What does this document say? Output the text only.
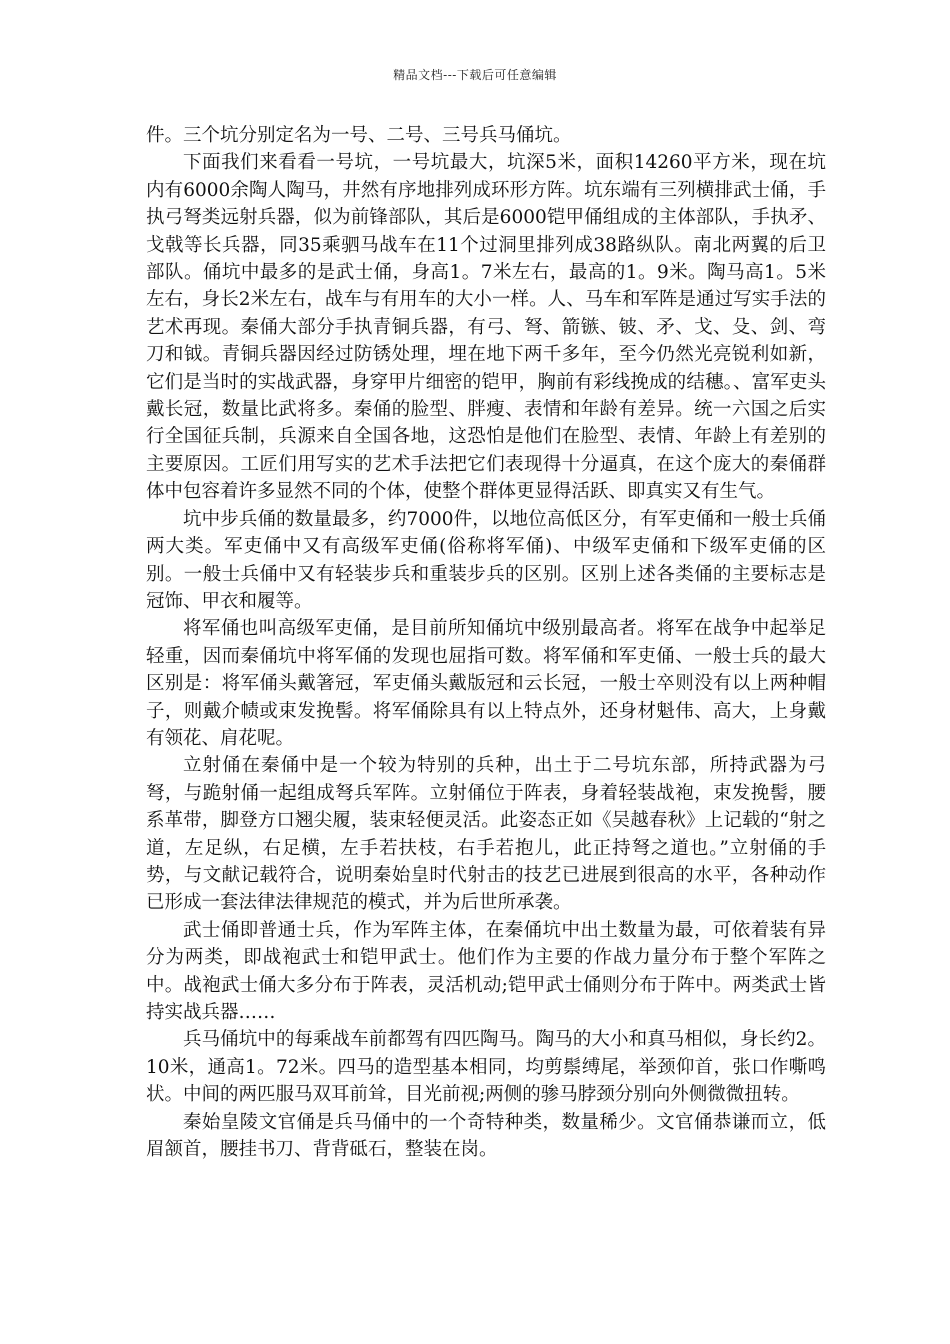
精品文档---下载后可任意编辑

件。三个坑分别定名为一号、二号、三号兵马俑坑。

下面我们来看看一号坑，一号坑最大，坑深5米，面积14260平方米，现在坑内有6000余陶人陶马，井然有序地排列成环形方阵。坑东端有三列横排武士俑，手执弓弩类远射兵器，似为前锋部队，其后是6000铠甲俑组成的主体部队，手执矛、戈戟等长兵器，同35乘驷马战车在11个过洞里排列成38路纵队。南北两翼的后卫部队。俑坑中最多的是武士俑，身高1。7米左右，最高的1。9米。陶马高1。5米左右，身长2米左右，战车与有用车的大小一样。人、马车和军阵是通过写实手法的艺术再现。秦俑大部分手执青铜兵器，有弓、弩、箭镞、铍、矛、戈、殳、剑、弯刀和钺。青铜兵器因经过防锈处理，埋在地下两千多年，至今仍然光亮锐利如新，它们是当时的实战武器，身穿甲片细密的铠甲，胸前有彩线挽成的结穗。、富军吏头戴长冠，数量比武将多。秦俑的脸型、胖瘦、表情和年龄有差异。统一六国之后实行全国征兵制，兵源来自全国各地，这恐怕是他们在脸型、表情、年龄上有差别的主要原因。工匠们用写实的艺术手法把它们表现得十分逼真，在这个庞大的秦俑群体中包容着许多显然不同的个体，使整个群体更显得活跃、即真实又有生气。

坑中步兵俑的数量最多，约7000件，以地位高低区分，有军吏俑和一般士兵俑两大类。军吏俑中又有高级军吏俑(俗称将军俑)、中级军吏俑和下级军吏俑的区别。一般士兵俑中又有轻装步兵和重装步兵的区别。区别上述各类俑的主要标志是冠饰、甲衣和履等。

将军俑也叫高级军吏俑，是目前所知俑坑中级别最高者。将军在战争中起举足轻重，因而秦俑坑中将军俑的发现也屈指可数。将军俑和军吏俑、一般士兵的最大区别是：将军俑头戴箸冠，军吏俑头戴版冠和云长冠，一般士卒则没有以上两种帽子，则戴介帻或束发挽髻。将军俑除具有以上特点外，还身材魁伟、高大，上身戴有领花、肩花呢。

立射俑在秦俑中是一个较为特别的兵种，出土于二号坑东部，所持武器为弓弩，与跪射俑一起组成弩兵军阵。立射俑位于阵表，身着轻装战袍，束发挽髻，腰系革带，脚登方口翘尖履，装束轻便灵活。此姿态正如《吴越春秋》上记载的“射之道，左足纵，右足横，左手若扶枝，右手若抱儿，此正持弩之道也。”立射俑的手势，与文献记载符合，说明秦始皇时代射击的技艺已进展到很高的水平，各种动作已形成一套法律法律规范的模式，并为后世所承袭。

武士俑即普通士兵，作为军阵主体，在秦俑坑中出土数量为最，可依着装有异分为两类，即战袍武士和铠甲武士。他们作为主要的作战力量分布于整个军阵之中。战袍武士俑大多分布于阵表，灵活机动;铠甲武士俑则分布于阵中。两类武士皆持实战兵器……

兵马俑坑中的每乘战车前都驾有四匹陶马。陶马的大小和真马相似，身长约2。10米，通高1。72米。四马的造型基本相同，均剪鬃缚尾，举颈仰首，张口作嘶鸣状。中间的两匹服马双耳前耸，目光前视;两侧的骖马脖颈分别向外侧微微扭转。

秦始皇陵文官俑是兵马俑中的一个奇特种类，数量稀少。文官俑恭谦而立，低眉颔首，腰挂书刀、背背砥石，整装在岗。
